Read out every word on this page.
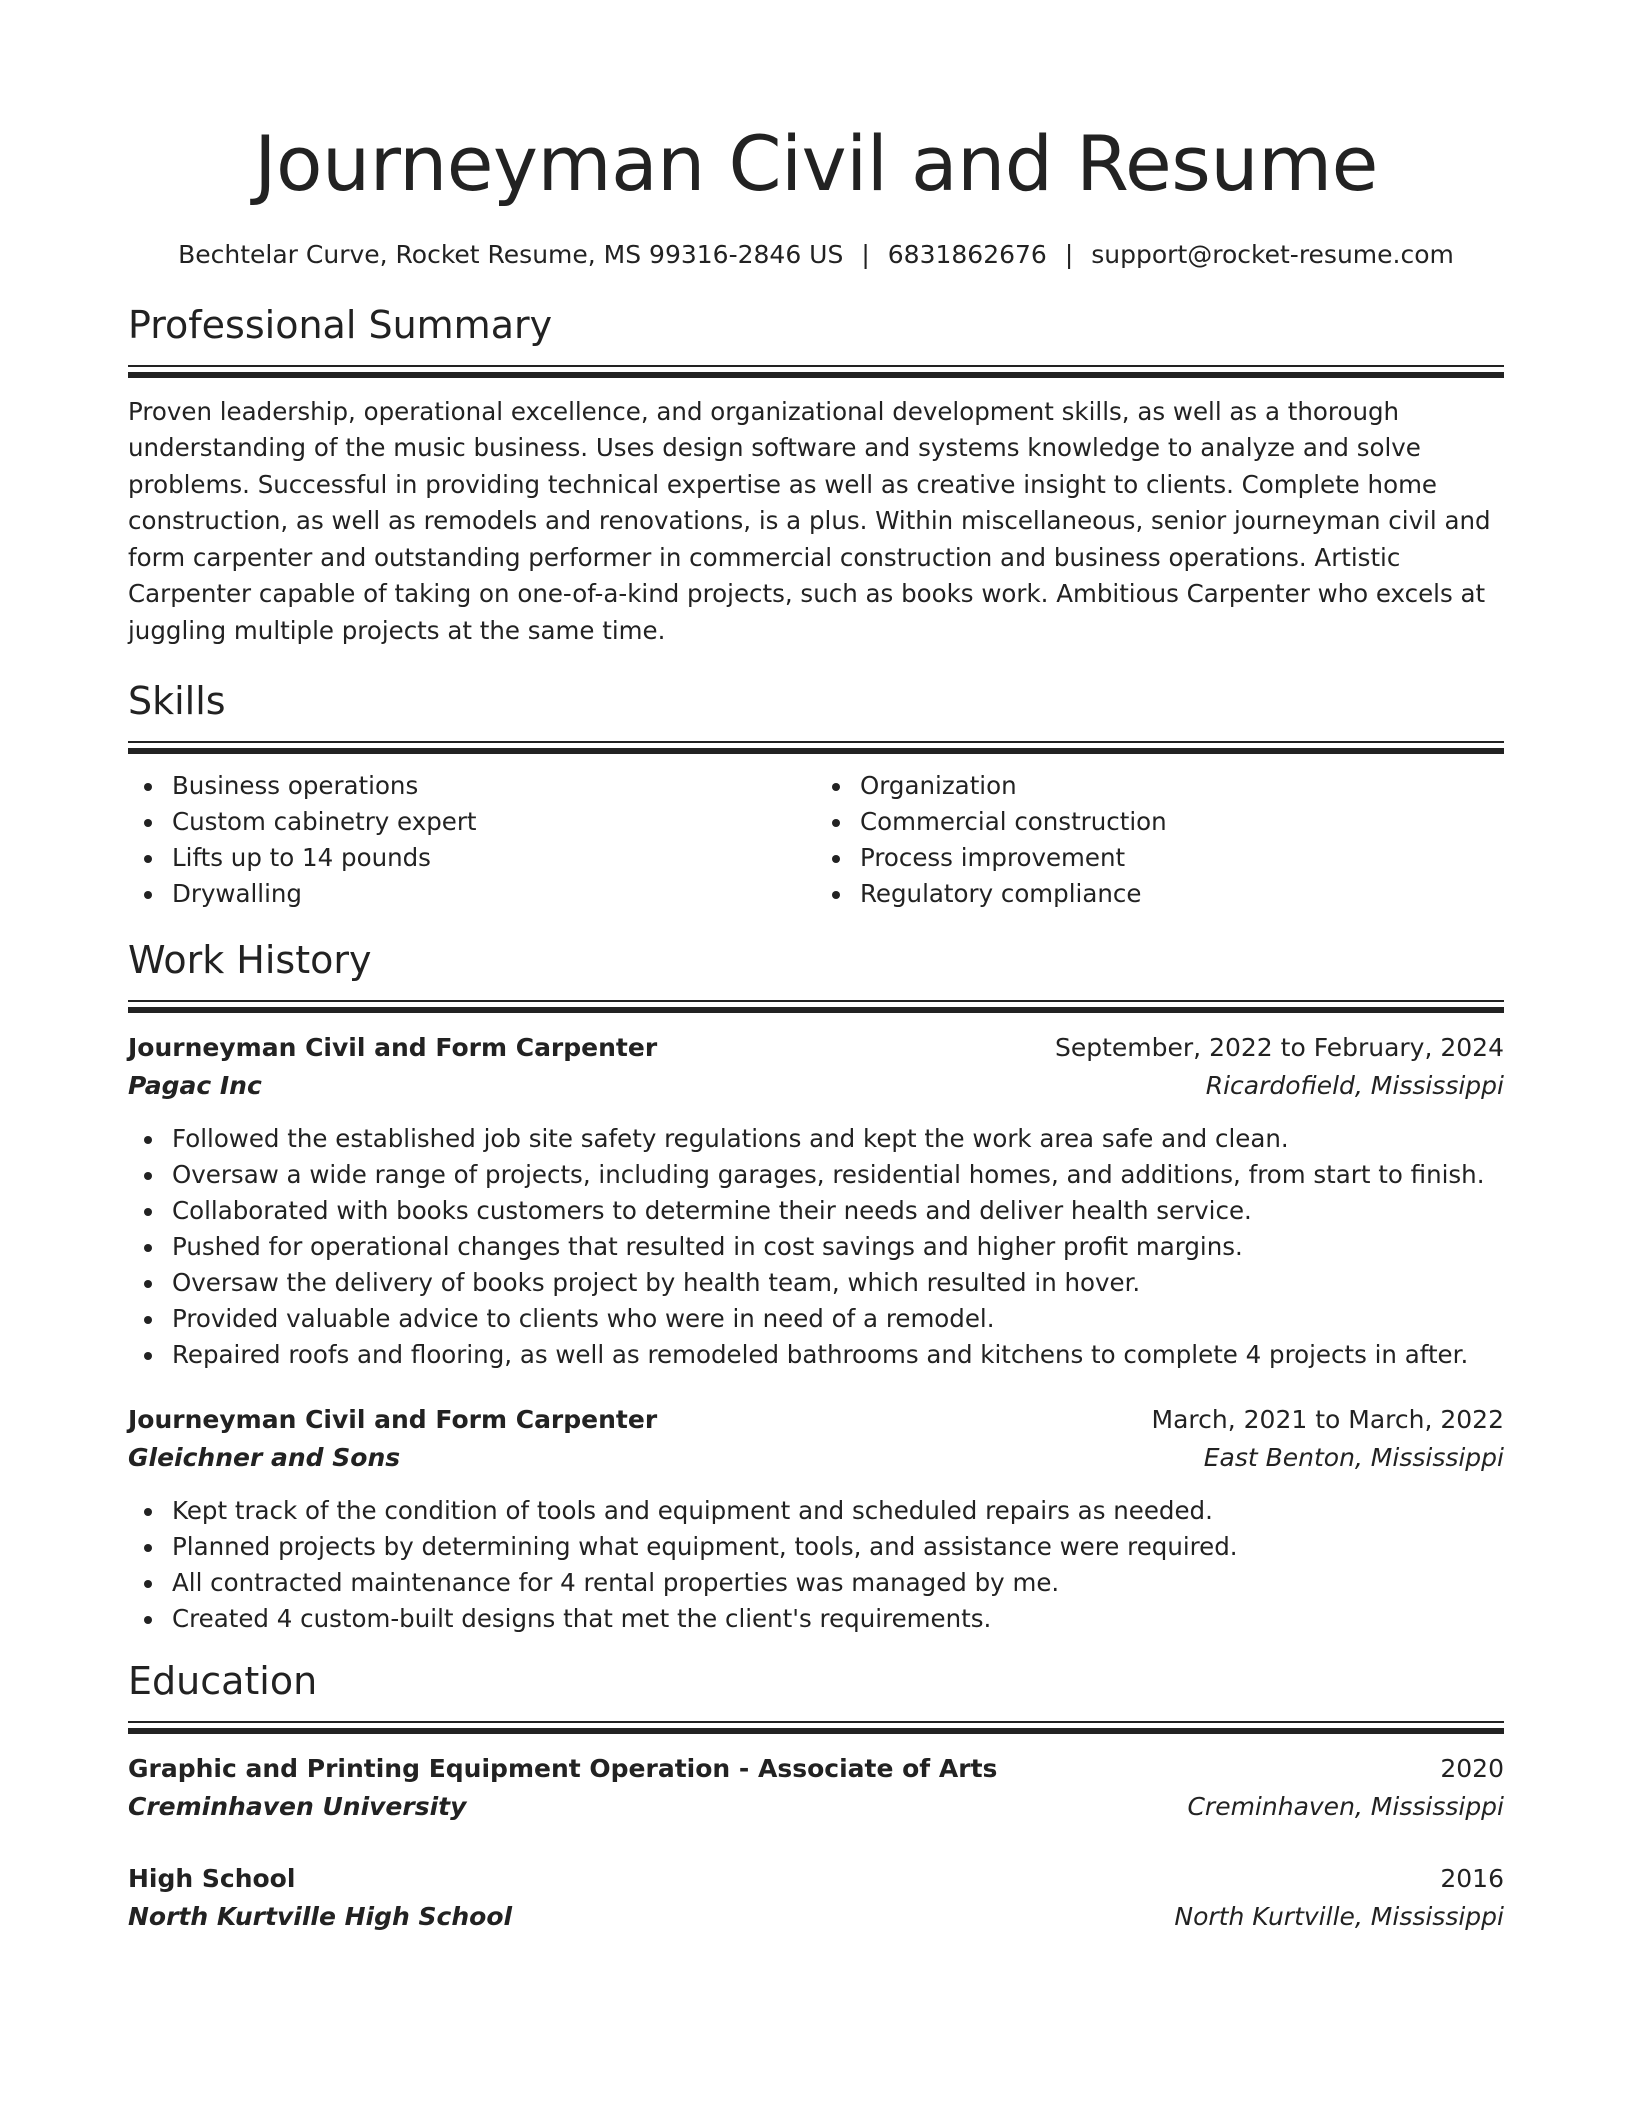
Journeyman Civil and Resume
Bechtelar Curve, Rocket Resume, MS 99316-2846 US | 6831862676 | support@rocket-resume.com
Professional Summary
Proven leadership, operational excellence, and organizational development skills, as well as a thorough understanding of the music business. Uses design software and systems knowledge to analyze and solve problems. Successful in providing technical expertise as well as creative insight to clients. Complete home construction, as well as remodels and renovations, is a plus. Within miscellaneous, senior journeyman civil and form carpenter and outstanding performer in commercial construction and business operations. Artistic Carpenter capable of taking on one-of-a-kind projects, such as books work. Ambitious Carpenter who excels at juggling multiple projects at the same time.
Skills
Business operations
Custom cabinetry expert
Lifts up to 14 pounds
Drywalling
Organization
Commercial construction
Process improvement
Regulatory compliance
Work History
Journeyman Civil and Form Carpenter	September, 2022 to February, 2024
Pagac Inc	Ricardofield, Mississippi
Followed the established job site safety regulations and kept the work area safe and clean.
Oversaw a wide range of projects, including garages, residential homes, and additions, from start to finish.
Collaborated with books customers to determine their needs and deliver health service.
Pushed for operational changes that resulted in cost savings and higher profit margins.
Oversaw the delivery of books project by health team, which resulted in hover.
Provided valuable advice to clients who were in need of a remodel.
Repaired roofs and flooring, as well as remodeled bathrooms and kitchens to complete 4 projects in after.
Journeyman Civil and Form Carpenter	March, 2021 to March, 2022
Gleichner and Sons	East Benton, Mississippi
Kept track of the condition of tools and equipment and scheduled repairs as needed.
Planned projects by determining what equipment, tools, and assistance were required.
All contracted maintenance for 4 rental properties was managed by me.
Created 4 custom-built designs that met the client's requirements.
Education
Graphic and Printing Equipment Operation - Associate of Arts	2020
Creminhaven University	Creminhaven, Mississippi
High School	2016
North Kurtville High School	North Kurtville, Mississippi
